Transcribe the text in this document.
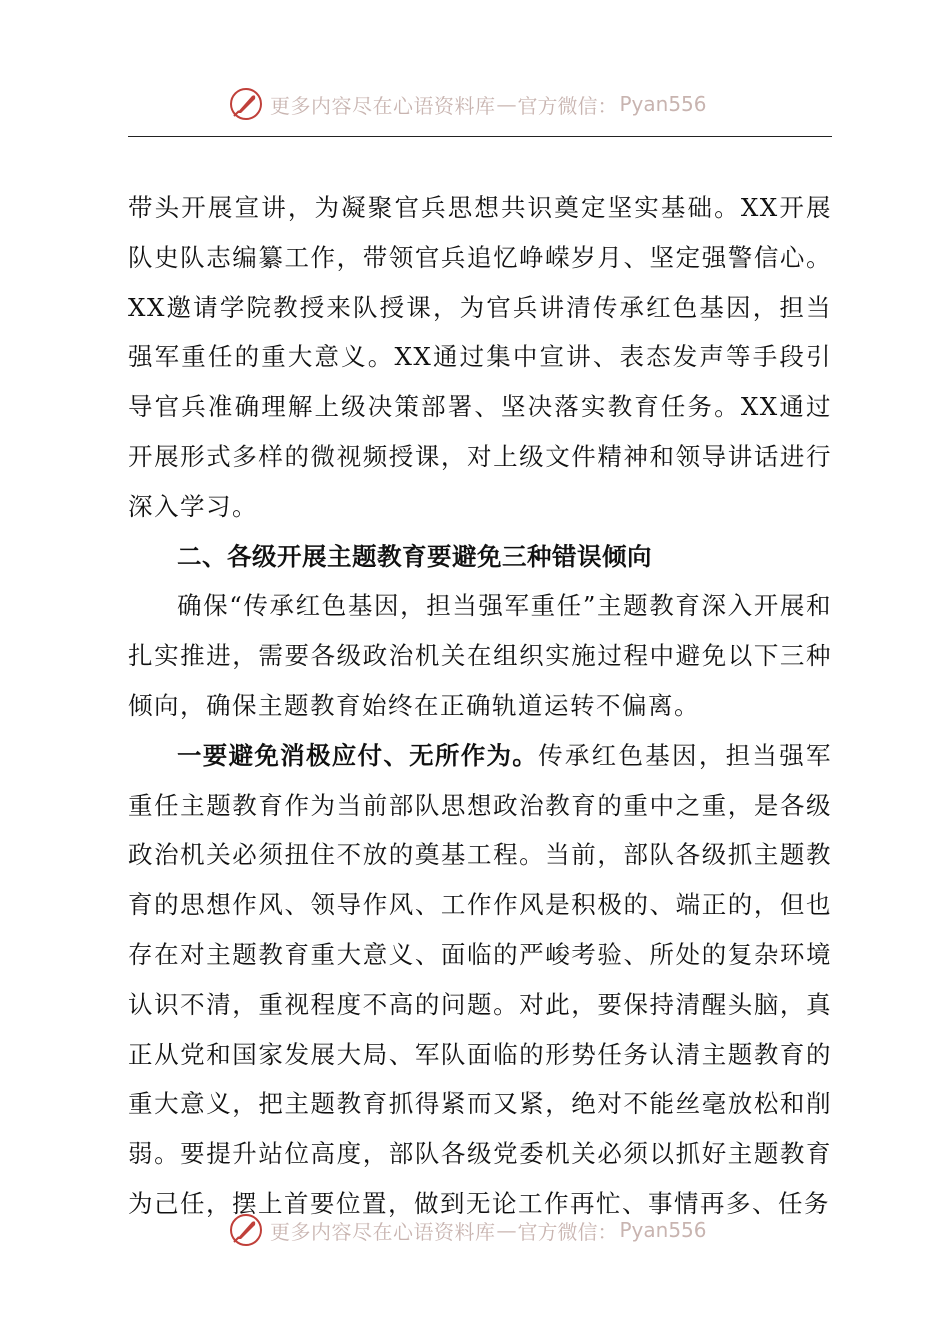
更多内容尽在心语资料库 — 官方微信： Pyan556

带头开展宣讲，为凝聚官兵思想共识奠定坚实基础。XX开展队史队志编纂工作，带领官兵追忆峥嵘岁月、坚定强警信心。XX邀请学院教授来队授课，为官兵讲清传承红色基因，担当强军重任的重大意义。XX通过集中宣讲、表态发声等手段引导官兵准确理解上级决策部署、坚决落实教育任务。XX通过开展形式多样的微视频授课，对上级文件精神和领导讲话进行深入学习。

二、各级开展主题教育要避免三种错误倾向

确保“传承红色基因，担当强军重任”主题教育深入开展和扎实推进，需要各级政治机关在组织实施过程中避免以下三种倾向，确保主题教育始终在正确轨道运转不偏离。

一要避免消极应付、无所作为。传承红色基因，担当强军重任主题教育作为当前部队思想政治教育的重中之重，是各级政治机关必须扭住不放的奠基工程。当前，部队各级抓主题教育的思想作风、领导作风、工作作风是积极的、端正的，但也存在对主题教育重大意义、面临的严峻考验、所处的复杂环境认识不清，重视程度不高的问题。对此，要保持清醒头脑，真正从党和国家发展大局、军队面临的形势任务认清主题教育的重大意义，把主题教育抓得紧而又紧，绝对不能丝毫放松和削弱。要提升站位高度，部队各级党委机关必须以抓好主题教育为己任，摆上首要位置，做到无论工作再忙、事情再多、任务

更多内容尽在心语资料库 — 官方微信： Pyan556
